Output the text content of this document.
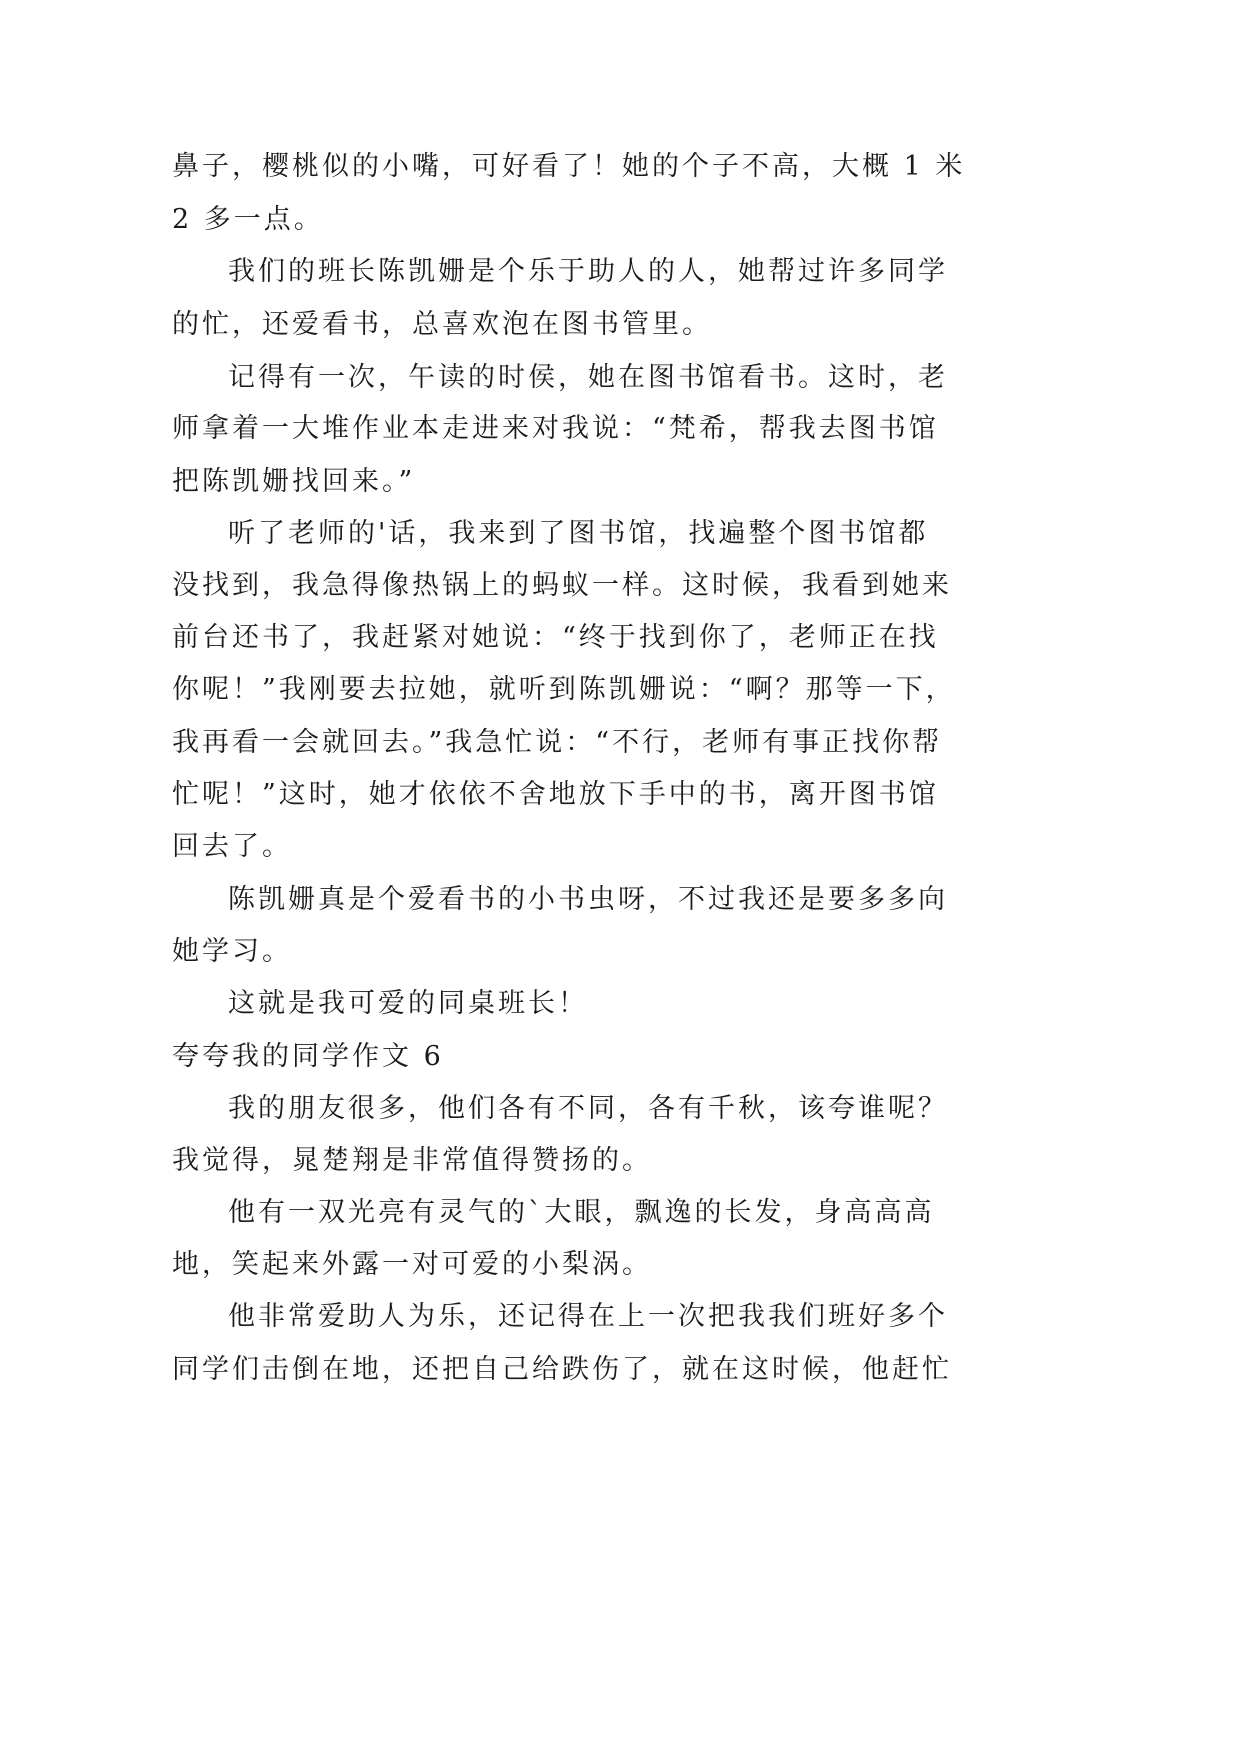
鼻子，樱桃似的小嘴，可好看了！她的个子不高，大概 1 米
2 多一点。
我们的班长陈凯姗是个乐于助人的人，她帮过许多同学
的忙，还爱看书，总喜欢泡在图书管里。
记得有一次，午读的时侯，她在图书馆看书。这时，老
师拿着一大堆作业本走进来对我说：“梵希，帮我去图书馆
把陈凯姗找回来。”
听了老师的'话，我来到了图书馆，找遍整个图书馆都
没找到，我急得像热锅上的蚂蚁一样。这时候，我看到她来
前台还书了，我赶紧对她说：“终于找到你了，老师正在找
你呢！”我刚要去拉她，就听到陈凯姗说：“啊？那等一下，
我再看一会就回去。”我急忙说：“不行，老师有事正找你帮
忙呢！”这时，她才依依不舍地放下手中的书，离开图书馆
回去了。
陈凯姗真是个爱看书的小书虫呀，不过我还是要多多向
她学习。
这就是我可爱的同桌班长！
夸夸我的同学作文 6
我的朋友很多，他们各有不同，各有千秋，该夸谁呢？
我觉得，晁楚翔是非常值得赞扬的。
他有一双光亮有灵气的`大眼，飘逸的长发，身高高高
地，笑起来外露一对可爱的小梨涡。
他非常爱助人为乐，还记得在上一次把我我们班好多个
同学们击倒在地，还把自己给跌伤了，就在这时候，他赶忙
